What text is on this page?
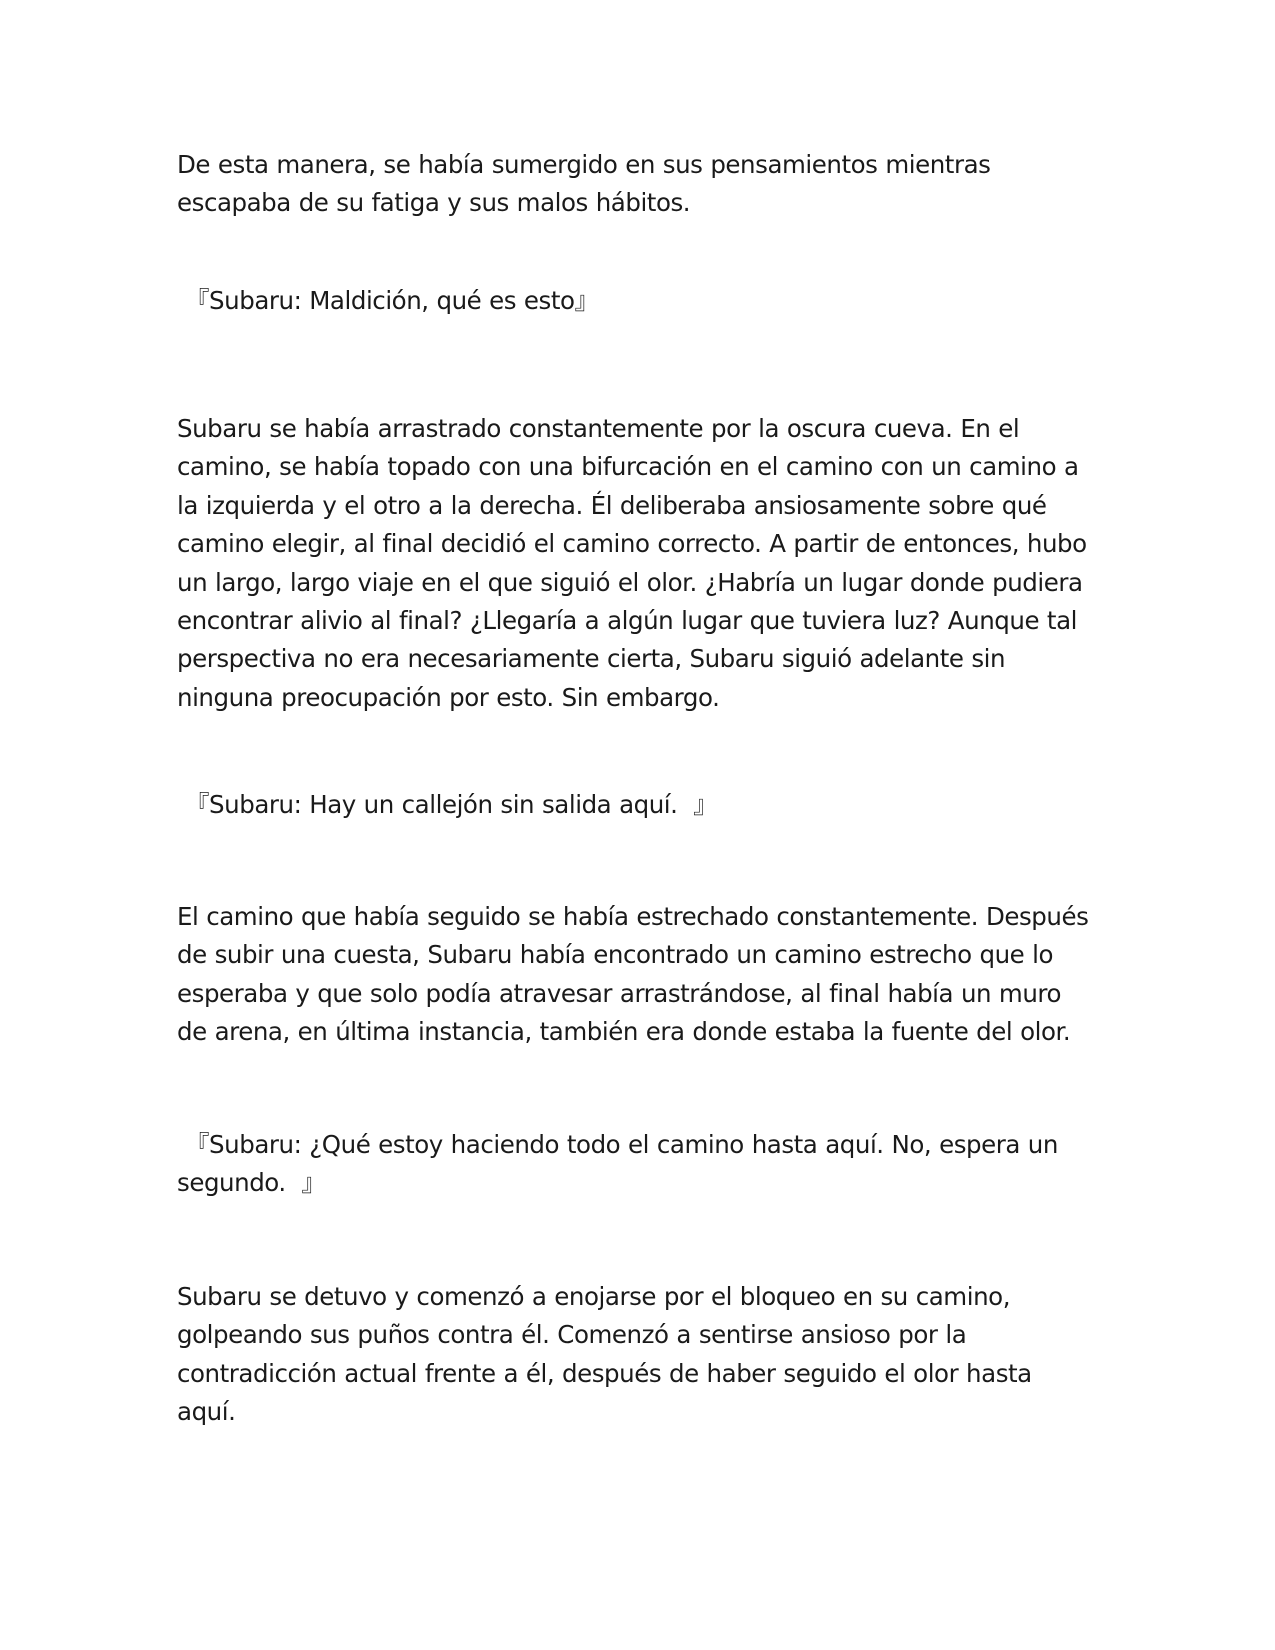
De esta manera, se había sumergido en sus pensamientos mientras escapaba de su fatiga y sus malos hábitos.

『Subaru: Maldición, qué es esto』

Subaru se había arrastrado constantemente por la oscura cueva. En el camino, se había topado con una bifurcación en el camino con un camino a la izquierda y el otro a la derecha. Él deliberaba ansiosamente sobre qué camino elegir, al final decidió el camino correcto. A partir de entonces, hubo un largo, largo viaje en el que siguió el olor. ¿Habría un lugar donde pudiera encontrar alivio al final? ¿Llegaría a algún lugar que tuviera luz? Aunque tal perspectiva no era necesariamente cierta, Subaru siguió adelante sin ninguna preocupación por esto. Sin embargo.

『Subaru: Hay un callejón sin salida aquí.  』

El camino que había seguido se había estrechado constantemente. Después de subir una cuesta, Subaru había encontrado un camino estrecho que lo esperaba y que solo podía atravesar arrastrándose, al final había un muro de arena, en última instancia, también era donde estaba la fuente del olor.

『Subaru: ¿Qué estoy haciendo todo el camino hasta aquí. No, espera un segundo.  』

Subaru se detuvo y comenzó a enojarse por el bloqueo en su camino, golpeando sus puños contra él. Comenzó a sentirse ansioso por la contradicción actual frente a él, después de haber seguido el olor hasta aquí.
